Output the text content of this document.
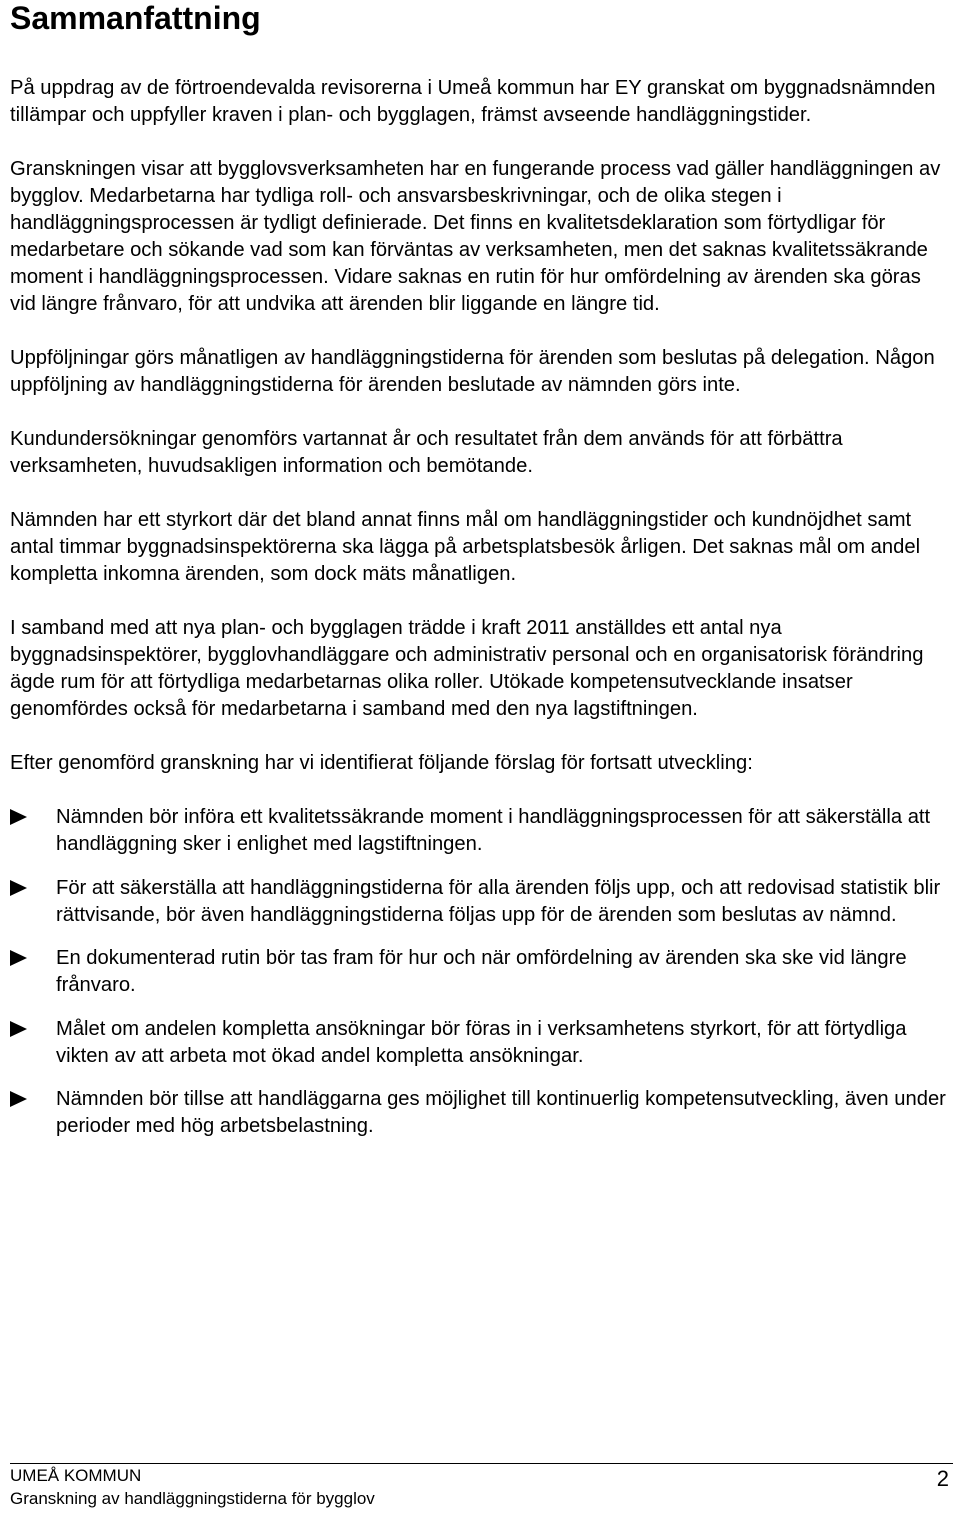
Sammanfattning

På uppdrag av de förtroendevalda revisorerna i Umeå kommun har EY granskat om byggnadsnämnden tillämpar och uppfyller kraven i plan- och bygglagen, främst avseende handläggningstider.

Granskningen visar att bygglovsverksamheten har en fungerande process vad gäller handläggningen av bygglov. Medarbetarna har tydliga roll- och ansvarsbeskrivningar, och de olika stegen i handläggningsprocessen är tydligt definierade. Det finns en kvalitetsdeklaration som förtydligar för medarbetare och sökande vad som kan förväntas av verksamheten, men det saknas kvalitetssäkrande moment i handläggningsprocessen. Vidare saknas en rutin för hur omfördelning av ärenden ska göras vid längre frånvaro, för att undvika att ärenden blir liggande en längre tid.

Uppföljningar görs månatligen av handläggningstiderna för ärenden som beslutas på delegation. Någon uppföljning av handläggningstiderna för ärenden beslutade av nämnden görs inte.

Kundundersökningar genomförs vartannat år och resultatet från dem används för att förbättra verksamheten, huvudsakligen information och bemötande.

Nämnden har ett styrkort där det bland annat finns mål om handläggningstider och kundnöjdhet samt antal timmar byggnadsinspektörerna ska lägga på arbetsplatsbesök årligen. Det saknas mål om andel kompletta inkomna ärenden, som dock mäts månatligen.

I samband med att nya plan- och bygglagen trädde i kraft 2011 anställdes ett antal nya byggnadsinspektörer, bygglovhandläggare och administrativ personal och en organisatorisk förändring ägde rum för att förtydliga medarbetarnas olika roller. Utökade kompetensutvecklande insatser genomfördes också för medarbetarna i samband med den nya lagstiftningen.

Efter genomförd granskning har vi identifierat följande förslag för fortsatt utveckling:

Nämnden bör införa ett kvalitetssäkrande moment i handläggningsprocessen för att säkerställa att handläggning sker i enlighet med lagstiftningen.
För att säkerställa att handläggningstiderna för alla ärenden följs upp, och att redovisad statistik blir rättvisande, bör även handläggningstiderna följas upp för de ärenden som beslutas av nämnd.
En dokumenterad rutin bör tas fram för hur och när omfördelning av ärenden ska ske vid längre frånvaro.
Målet om andelen kompletta ansökningar bör föras in i verksamhetens styrkort, för att förtydliga vikten av att arbeta mot ökad andel kompletta ansökningar.
Nämnden bör tillse att handläggarna ges möjlighet till kontinuerlig kompetensutveckling, även under perioder med hög arbetsbelastning.
UMEÅ KOMMUN
Granskning av handläggningstiderna för bygglov
2
